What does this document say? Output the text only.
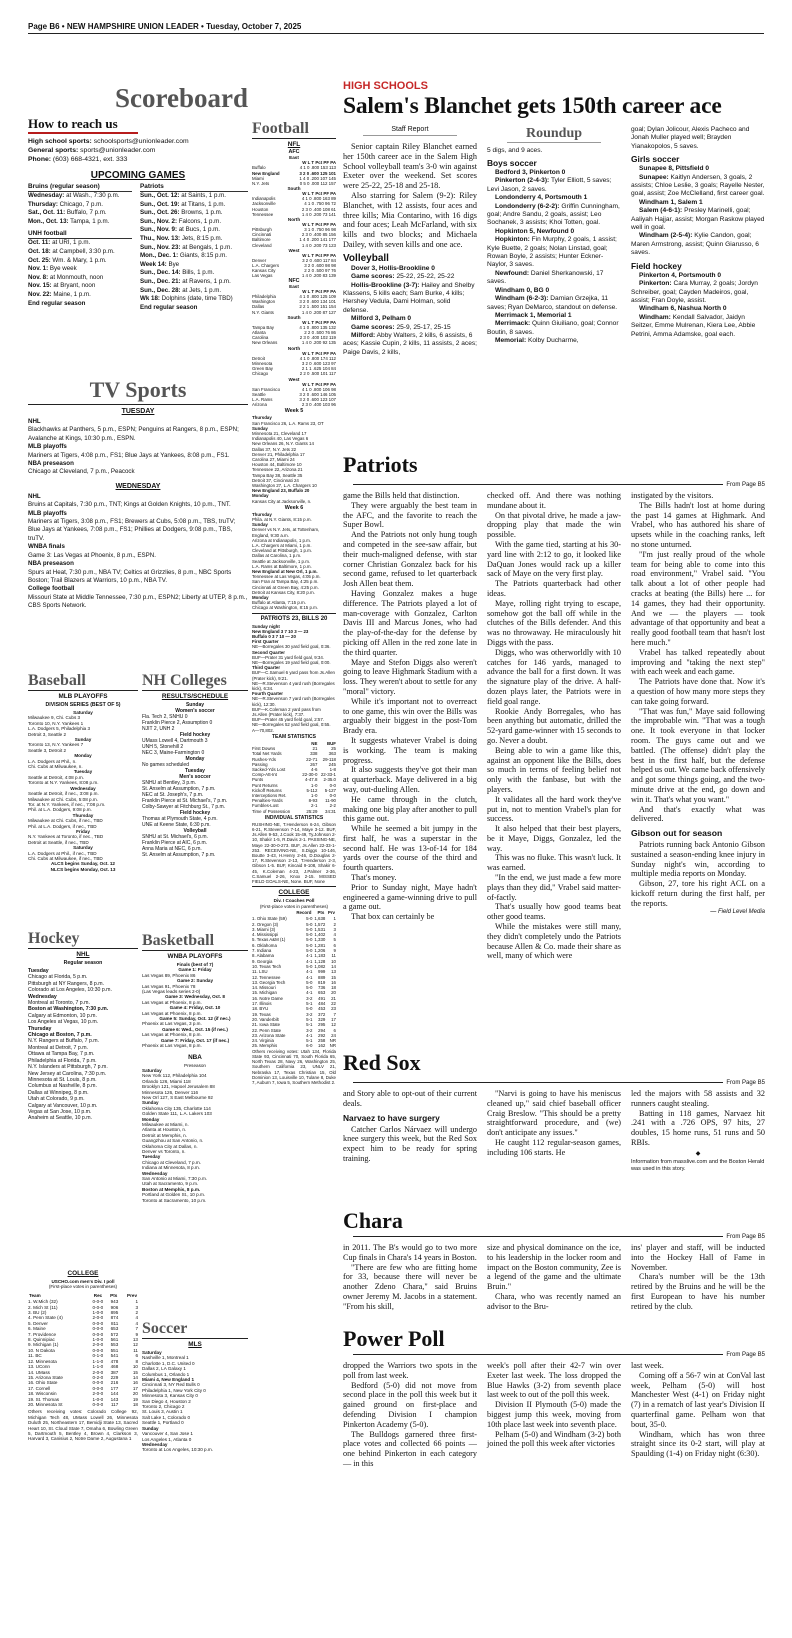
Page B6 • NEW HAMPSHIRE UNION LEADER • Tuesday, October 7, 2025
Scoreboard
How to reach us
High school sports: schoolsports@unionleader.com
General sports: sports@unionleader.com
Phone: (603) 668-4321, ext. 333
UPCOMING GAMES
Bruins (regular season)
Wednesday: at Wash., 7:30 p.m.
Thursday: Chicago, 7 p.m.
Sat., Oct. 11: Buffalo, 7 p.m.
Mon., Oct. 13: Tampa, 1 p.m.
UNH football
Oct. 11: at URI, 1 p.m.
Oct. 18: at Campbell, 3:30 p.m.
Oct. 25: Wm. & Mary, 1 p.m.
Nov. 1: Bye week
Nov. 8: at Monmouth, noon
Nov. 15: at Bryant, noon
Nov. 22: Maine, 1 p.m.
End regular season
Patriots
Sun., Oct. 12: at Saints, 1 p.m.
Sun., Oct. 19: at Titans, 1 p.m.
Sun., Oct. 26: Browns, 1 p.m.
Sun., Nov. 2: Falcons, 1 p.m.
Sun., Nov. 9: at Bucs, 1 p.m.
Thu., Nov. 13: Jets, 8:15 p.m.
Sun., Nov. 23: at Bengals, 1 p.m.
Mon., Dec. 1: Giants, 8:15 p.m.
Week 14: Bye
Sun., Dec. 14: Bills, 1 p.m.
Sun., Dec. 21: at Ravens, 1 p.m.
Sun., Dec. 28: at Jets, 1 p.m.
Wk 18: Dolphins (date, time TBD)
End regular season
TV Sports
TUESDAY
NHL
Blackhawks at Panthers, 5 p.m., ESPN; Penguins at Rangers, 8 p.m., ESPN; Avalanche at Kings, 10:30 p.m., ESPN.
MLB playoffs
Mariners at Tigers, 4:08 p.m., FS1; Blue Jays at Yankees, 8:08 p.m., FS1.
NBA preseason
Chicago at Cleveland, 7 p.m., Peacock
WEDNESDAY
NHL
Bruins at Capitals, 7:30 p.m., TNT; Kings at Golden Knights, 10 p.m., TNT.
MLB playoffs
Mariners at Tigers, 3:08 p.m., FS1; Brewers at Cubs, 5:08 p.m., TBS, truTV; Blue Jays at Yankees, 7:08 p.m., FS1; Phillies at Dodgers, 9:08 p.m., TBS, truTV.
WNBA finals
Game 3: Las Vegas at Phoenix, 8 p.m., ESPN.
NBA preseason
Spurs at Heat, 7:30 p.m., NBA TV; Celtics at Grizzlies, 8 p.m., NBC Sports Boston; Trail Blazers at Warriors, 10 p.m., NBA TV.
College football
Missouri State at Middle Tennessee, 7:30 p.m., ESPN2; Liberty at UTEP, 8 p.m., CBS Sports Network.
Baseball
MLB PLAYOFFS
DIVISION SERIES (BEST OF 5)
Saturday
Milwaukee 9, Chi. Cubs 3
Toronto 10, N.Y. Yankees 1
L.A. Dodgers 5, Philadelphia 3
Detroit 3, Seattle 2
Sunday
Toronto 13, N.Y. Yankees 7
Seattle 3, Detroit 2
Monday
L.A. Dodgers at Phil., n.
Chi. Cubs at Milwaukee, n.
Tuesday
Seattle at Detroit, 4:08 p.m.
Toronto at N.Y. Yankees, 8:08 p.m.
Wednesday
Seattle at Detroit, if nec., 3:08 p.m.
Milwaukee at Chi. Cubs, 5:08 p.m.
Tor. at N.Y. Yankees, if nec., 7:08 p.m.
Phil. at L.A. Dodgers, 9:08 p.m.
Thursday
Milwaukee at Chi. Cubs, if nec., TBD
Phil. at L.A. Dodgers, if nec., TBD
Friday
N.Y. Yankees at Toronto, if nec., TBD
Detroit at Seattle, if nec., TBD
Saturday
L.A. Dodgers at Phil., if nec., TBD
Chi. Cubs at Milwaukee, if nec., TBD
ALCS begins Sunday, Oct. 12
NLCS begins Monday, Oct. 13
Hockey
NHL
Regular season
Tuesday
Chicago at Florida, 5 p.m.
Pittsburgh at NY Rangers, 8 p.m.
Colorado at Los Angeles, 10:30 p.m.
Wednesday
Montreal at Toronto, 7 p.m.
Boston at Washington, 7:30 p.m.
Calgary at Edmonton, 10 p.m.
Los Angeles at Vegas, 10 p.m.
Thursday
Chicago at Boston, 7 p.m.
N.Y. Rangers at Buffalo, 7 p.m.
Montreal at Detroit, 7 p.m.
Ottawa at Tampa Bay, 7 p.m.
Philadelphia at Florida, 7 p.m.
N.Y. Islanders at Pittsburgh, 7 p.m.
New Jersey at Carolina, 7:30 p.m.
Minnesota at St. Louis, 8 p.m.
Columbus at Nashville, 8 p.m.
Dallas at Winnipeg, 8 p.m.
Utah at Colorado, 9 p.m.
Calgary at Vancouver, 10 p.m.
Vegas at San Jose, 10 p.m.
Anaheim at Seattle, 10 p.m.
COLLEGE
USCHO.com men's Div. I poll
(First-place votes in parentheses)
Team	Rec	Pts	Prev
1. W.Mich (32)	0-0-0	943	1
2. Mich St (11)	0-0-0	906	3
3. BU (2)	1-0-0	895	2
4. Penn State (4)	2-0-0	874	4
5. Denver	0-0-0	811	4
6. Maine	0-0-0	653	7
7. Providence	0-0-0	572	9
8. Quinnipiac	1-0-0	561	13
9. Michigan (1)	2-0-0	553	12
10. N Dakota	0-0-0	551	11
11. BC	0-1-0	541	6
12. Minnesota	1-1-0	478	8
13. UConn	1-1-0	468	10
14. UMass	2-0-0	387	15
15. Arizona State	0-2-0	229	14
16. Ohio State	0-0-0	216	16
17. Cornell	0-0-0	177	17
18. Wisconsin	2-0-0	144	20
19. St. Thomas	1-0-0	143	19
20. Minnesota St	0-0-0	117	18
Others receiving votes: Colorado College 92, Michigan Tech 48, UMass Lowell 26, Minnesota Duluth 25, Northeastern 17, Bemidji State 13, Sacred Heart 10, St. Cloud State 7, Omaha 6, Bowling Green 5, Dartmouth 5, Bentley 4, Brown 4, Clarkson 3, Harvard 3, Canisius 2, Notre Dame 2, Augustana 1
NH Colleges
RESULTS/SCHEDULE
Sunday
Women's soccer
Fla. Tech 2, SNHU 0
Franklin Pierce 2, Assumption 0
NJIT 2, UNH 2
Field hockey
UMass Lowell 4, Dartmouth 3
UNH 5, Stonehill 2
NEC 3, Maine-Farmington 0
Monday
No games scheduled
Tuesday
Men's soccer
SNHU at Bentley, 3 p.m.
St. Anselm at Assumption, 7 p.m.
NEC at St. Joseph's, 7 p.m.
Franklin Pierce at St. Michael's, 7 p.m.
Colby-Sawyer at Fitchburg St., 7 p.m.
Field hockey
Thomas at Plymouth State, 4 p.m.
UNE at Keene State, 6:30 p.m.
Volleyball
SNHU at St. Michael's, 6 p.m.
Franklin Pierce at AIC, 6 p.m.
Anna Maria at NEC, 6 p.m.
St. Anselm at Assumption, 7 p.m.
Basketball
WNBA PLAYOFFS
Finals (best of 7)
Game 1: Friday
Las Vegas 89, Phoenix 86
Game 2: Sunday
Las Vegas 91, Phoenix 78
(Las Vegas leads series 2-0)
Game 3: Wednesday, Oct. 8
Las Vegas at Phoenix, 8 p.m.
Game 4: Friday, Oct. 10
Las Vegas at Phoenix, 8 p.m.
Game 5: Sunday, Oct. 12 (if nec.)
Phoenix at Las Vegas, 3 p.m.
Game 6: Wed., Oct. 15 (if nec.)
Las Vegas at Phoenix, 8 p.m.
Game 7: Friday, Oct. 17 (if nec.)
Phoenix at Las Vegas, 8 p.m.
NBA
Preseason
Saturday
New York 112, Philadelphia 104
Orlando 126, Miami 118
Brooklyn 121, Hapoel Jerusalem 88
Minnesota 126, Denver 116
New Orl 127, S East Melbourne 92
Sunday
Oklahoma City 135, Charlotte 114
Golden State 111, L.A. Lakers 103
Monday
Milwaukee at Miami, n.
Atlanta at Houston, n.
Detroit at Memphis, n.
Guangzhou at San Antonio, n.
Oklahoma City at Dallas, n.
Denver vs Toronto, n.
Tuesday
Chicago at Cleveland, 7 p.m.
Indiana at Minnesota, 8 p.m.
Wednesday
San Antonio at Miami, 7:30 p.m.
Utah at Sacramento, 9 p.m.
Boston at Memphis, 8 p.m.
Portland at Golden St., 10 p.m.
Toronto at Sacramento, 10 p.m.
Soccer
MLS
Saturday
Nashville 1, Montreal 1
Charlotte 1, D.C. United 0
Dallas 2, LA Galaxy 1
Columbus 1, Orlando 1
Miami 4, New England 1
Cincinnati 3, NY Red Bulls 0
Philadelphia 1, New York City 0
Minnesota 3, Kansas City 0
San Diego 4, Houston 2
Toronto 2, Chicago 2
St. Louis 3, Austin 1
Salt Lake 1, Colorado 0
Seattle 1, Portland 0
Sunday
Vancouver 4, San Jose 1
Los Angeles 1, Atlanta 0
Wednesday
Toronto at Los Angeles, 10:30 p.m.
Football
NFL
AFC
East
W L T Pct PF PA
Buffalo	4 1 0 .800 153 113
New England	3 2 0 .600 125 101
Miami	1 4 0 .200 107 145
N.Y. Jets	0 5 0 .000 112 157
South
W L T Pct PF PA
Indianapolis	4 1 0 .800 163 89
Jacksonville	4 1 0 .750 96 72
Houston	2 3 0 .400 108 61
Tennessee	1 4 0 .200 73 141
North
W L T Pct PF PA
Pittsburgh	3 1 0 .750 96 98
Cincinnati	2 3 0 .400 85 156
Baltimore	1 4 0 .200 141 177
Cleveland	1 4 0 .200 73 123
West
W L T Pct PF PA
Denver	3 2 0 .600 117 84
L.A. Chargers	3 2 0 .600 98 98
Kansas City	2 2 0 .500 97 76
Las Vegas	1 4 0 .200 83 139
NFC
East
W L T Pct PF PA
Philadelphia	4 1 0 .800 125 109
Washington	3 2 0 .600 134 101
Dallas	2 2 1 .500 151 154
N.Y. Giants	1 4 0 .200 87 127
South
W L T Pct PF PA
Tampa Bay	4 1 0 .800 135 132
Atlanta	2 2 0 .500 76 86
Carolina	2 3 0 .400 102 119
New Orleans	1 4 0 .200 92 135
North
W L T Pct PF PA
Detroit	4 1 0 .800 174 112
Minnesota	3 2 0 .600 123 97
Green Bay	2 1 1 .625 104 84
Chicago	2 2 0 .500 101 117
West
W L T Pct PF PA
San Francisco	4 1 0 .800 106 98
Seattle	3 2 0 .600 146 105
L.A. Rams	3 2 0 .600 123 107
Arizona	2 3 0 .400 103 96
Week 5
Thursday
San Francisco 26, L.A. Rams 23, OT
Sunday
Minnesota 21, Cleveland 17
Indianapolis 40, Las Vegas 6
New Orleans 26, N.Y. Giants 14
Dallas 37, N.Y. Jets 22
Denver 21, Philadelphia 17
Carolina 27, Miami 24
Houston 44, Baltimore 10
Tennessee 22, Arizona 21
Tampa Bay 38, Seattle 35
Detroit 37, Cincinnati 24
Washington 27, L.A. Chargers 10
New England 23, Buffalo 20
Monday
Kansas City at Jacksonville, n.
Week 6
Thursday
Phila. at N.Y. Giants, 8:15 p.m.
Sunday
Denver vs N.Y. Jets, at Tottenham, England, 9:30 a.m.
Arizona at Indianapolis, 1 p.m.
L.A. Chargers at Miami, 1 p.m.
Cleveland at Pittsburgh, 1 p.m.
Dallas at Carolina, 1 p.m.
Seattle at Jacksonville, 1 p.m.
L.A. Rams at Baltimore, 1 p.m.
New England at New Orl, 1 p.m.
Tennessee at Las Vegas, 4:05 p.m.
San Fran at Tampa Bay, 4:25 p.m.
Cincinnati at Green Bay, 4:25 p.m.
Detroit at Kansas City, 8:20 p.m.
Monday
Buffalo at Atlanta, 7:15 p.m.
Chicago at Washington, 8:15 p.m.
PATRIOTS 23, BILLS 20
Sunday night
New England 3 7 10 3 — 23
Buffalo 0 3 7 10 — 20
First Quarter
NE—Borregales 30 yard field goal, 0:36.
Second Quarter
BUF—Prater 31 yard field goal, 9:34.
NE—Borregales 19 yard field goal, 0:00.
Third Quarter
BUF—C.Samuel 6 yard pass from Js.Allen (Prater kick), 9:21.
NE—R.Stevenson 4 yard rush (Borregales kick), 6:34.
Fourth Quarter
NE—R.Stevenson 7 yard rush (Borregales kick), 12:30.
BUF—K.Coleman 2 yard pass from Js.Allen (Prater kick), 7:37.
BUF—Prater 45 yard field goal, 2:57.
NE—Borregales 52 yard field goal, 0:55.
A—70,802.
TEAM STATISTICS
	NE	BUF
First Downs	21	25
Total Net Yards	338	363
Rushes-Yds	22-71	29-118
Passing	267	245
Sacked-Yds Lost	4-6	1-8
Comp-Att-Int	22-30-0	22-33-1
Punts	4-47.8	2-35.0
Punt Returns	1-0	0-0
Kickoff Returns	5-112	5-127
Interceptions Ret.	1-0	0-0
Penalties-Yards	8-93	11-90
Fumbles-Lost	2-1	2-2
Time of Possession	25:29	34:31
INDIVIDUAL STATISTICS
RUSHING-NE, T.Henderson 6-24, Gibson 6-21, R.Stevenson 7-14, Maye 3-12. BUF, Js.Allen 9-53, J.Cook 15-49, Ty.Johnson 2-10, Shakir 1-5, R.Davis 2-1. PASSING-NE, Maye 22-30-0-273. BUF, Js.Allen 22-33-1-253. RECEIVING-NE, S.Diggs 10-146, Boutte 3-43, H.Henry 2-46, D.Douglas 2-17, R.Stevenson 2-13, T.Henderson 2-3, Gibson 1-5. BUF, Kincaid 9-108, Shakir 6-45, K.Coleman 4-23, J.Palmer 2-36, C.Samuel 2-26, Knox 2-15. MISSED FIELD GOALS-NE, None. BUF, None
COLLEGE
Div. I Coaches Poll
(First-place votes in parentheses)
	Record	Pts	Prv
1. Ohio State (59)	5-0	1,638	1
2. Oregon (3)	5-0	1,572	2
3. Miami (3)	5-0	1,531	3
4. Mississippi	5-0	1,402	4
5. Texas A&M (1)	5-0	1,330	5
6. Oklahoma	5-0	1,281	6
7. Indiana	5-0	1,206	9
8. Alabama	4-1	1,183	11
9. Georgia	4-1	1,128	10
10. Texas Tech	5-0	1,082	14
11. LSU	4-1	999	13
12. Tennessee	4-1	889	15
13. Georgia Tech	5-0	819	16
14. Missouri	5-0	736	18
15. Michigan	4-1	653	20
16. Notre Dame	3-2	491	21
17. Illinois	5-1	484	22
18. BYU	5-0	453	23
19. Texas	3-2	372	7
20. Vanderbilt	5-1	329	17
21. Iowa State	5-1	295	12
22. Penn State	3-2	294	6
23. Arizona State	4-1	292	24
24. Virginia	5-1	258	NR
25. Memphis	6-0	162	NR
Others receiving votes: Utah 134, Florida State 93, Cincinnati 70, South Florida 65, North Texas 28, Navy 26, Washington 25, Southern California 23, UNLV 21, Nebraska 17, Texas Christian 15, Old Dominion 13, Louisville 10, Tulane 8, Duke 7, Auburn 7, Iowa 5, Southern Methodist 2.
HIGH SCHOOLS
Salem's Blanchet gets 150th career ace
Staff Report

Senior captain Riley Blanchet earned her 150th career ace in the Salem High School volleyball team's 3-0 win against Exeter over the weekend. Set scores were 25-22, 25-18 and 25-18.

Also starring for Salem (9-2): Riley Blanchet, with 12 assists, four aces and three kills; Mia Contarino, with 16 digs and four aces; Leah McFarland, with six kills and two blocks; and Michaela Dailey, with seven kills and one ace.

Volleyball
Dover 3, Hollis-Brookline 0
Game scores: 25-22, 25-22, 25-22
Hollis-Brookline (3-7): Hailey and Shelby Klassens, 5 kills each; Sam Burke, 4 kills; Hershey Vedula, Dami Holman, solid defense.
Milford 3, Pelham 0
Game scores: 25-9, 25-17, 25-15
Milford: Abby Walters, 2 kills, 6 assists, 6 aces; Kassie Cupin, 2 kills, 11 assists, 2 aces; Paige Davis, 2 kills,
Roundup
5 digs, and 9 aces.
Boys soccer
Bedford 3, Pinkerton 0
Pinkerton (2-4-3): Tyler Elliott, 5 saves; Levi Jason, 2 saves.
Londonderry 4, Portsmouth 1
Londonderry (6-2-2): Griffin Cunningham, goal; Andre Sandu, 2 goals, assist; Leo Sochanek, 3 assists; Khoi Totten, goal.
Hopkinton 5, Newfound 0
Hopkinton: Fin Murphy, 2 goals, 1 assist; Kyle Buette, 2 goals; Nolan Linstad, goal; Rowan Boyle, 2 assists; Hunter Eckner-Naylor, 3 saves.
Newfound: Daniel Sherkanowski, 17 saves.
Windham 0, BG 0
Windham (6-2-3): Damian Grzejka, 11 saves; Ryan DeMarco, standout on defense.
Merrimack 1, Memorial 1
Merrimack: Quinn Giuiliano, goal; Connor Boutin, 8 saves.
Memorial: Kolby Ducharme,
goal; Dylan Jolicour, Alexis Pacheco and Jonah Muller played well; Brayden Yianakopolos, 5 saves.
Girls soccer
Sunapee 8, Pittsfield 0
Sunapee: Kaitlyn Andersen, 3 goals, 2 assists; Chloe Leslie, 3 goals; Rayelle Nester, goal, assist; Zoe McClelland, first career goal.
Windham 1, Salem 1
Salem (4-6-1): Presley Marinelli, goal; Aaliyah Hajjar, assist; Morgan Raskow played well in goal.
Windham (2-5-4): Kylie Candon, goal; Maren Armstrong, assist; Quinn Giarusso, 6 saves.
Field hockey
Pinkerton 4, Portsmouth 0
Pinkerton: Cara Murray, 2 goals; Jordyn Schreiber, goal; Cayden Madeiros, goal, assist; Fran Doyle, assist.
Windham 6, Nashua North 0
Windham: Kendall Salvador, Jaidyn Seitzer, Emme Mulrenan, Kiera Lee, Abbie Petrini, Amma Adamske, goal each.
Patriots
From Page B5

game the Bills held that distinction.

They were arguably the best team in the AFC, and the favorite to reach the Super Bowl.

And the Patriots not only hung tough and competed in the see-saw affair, but their much-maligned defense, with star corner Christian Gonzalez back for his second game, refused to let quarterback Josh Allen beat them.

Having Gonzalez makes a huge difference. The Patriots played a lot of man-coverage with Gonzalez, Carlton Davis III and Marcus Jones, who had the play-of-the-day for the defense by picking off Allen in the red zone late in the third quarter.

Maye and Stefon Diggs also weren't going to leave Highmark Stadium with a loss. They weren't about to settle for any "moral" victory.

While it's important not to overreact to one game, this win over the Bills was arguably their biggest in the post-Tom Brady era.

It suggests whatever Vrabel is doing is working. The team is making progress.

It also suggests they've got their man at quarterback. Maye delivered in a big way, out-dueling Allen.

He came through in the clutch, making one big play after another to pull this game out.

While he seemed a bit jumpy in the first half, he was a superstar in the second half. He was 13-of-14 for 184 yards over the course of the third and fourth quarters.

That's money.

Prior to Sunday night, Maye hadn't engineered a game-winning drive to pull a game out.

That box can certainly be

checked off. And there was nothing mundane about it.

On that pivotal drive, he made a jaw-dropping play that made the win possible.

With the game tied, starting at his 30-yard line with 2:12 to go, it looked like DaQuan Jones would rack up a killer sack of Maye on the very first play.

The Patriots quarterback had other ideas.

Maye, rolling right trying to escape, somehow got the ball off while in the clutches of the Bills defender. And this was no throwaway. He miraculously hit Diggs with the pass.

Diggs, who was otherworldly with 10 catches for 146 yards, managed to advance the ball for a first down. It was the signature play of the drive. A half-dozen plays later, the Patriots were in field goal range.

Rookie Andy Borregales, who has been anything but automatic, drilled the 52-yard game-winner with 15 seconds to go. Never a doubt.

Being able to win a game like this, against an opponent like the Bills, does so much in terms of feeling belief not only with the fanbase, but with the players.

It validates all the hard work they've put in, not to mention Vrabel's plan for success.

It also helped that their best players, be it Maye, Diggs, Gonzalez, led the way.

This was no fluke. This wasn't luck. It was earned.

"In the end, we just made a few more plays than they did," Vrabel said matter-of-factly.

That's usually how good teams beat other good teams.

While the mistakes were still many, they didn't completely undo the Patriots because Allen & Co. made their share as well, many of which were

instigated by the visitors.

The Bills hadn't lost at home during the past 14 games at Highmark. And Vrabel, who has authored his share of upsets while in the coaching ranks, left no stone unturned.

"I'm just really proud of the whole team for being able to come into this road environment," Vrabel said. "You talk about a lot of other people had cracks at beating (the Bills) here ... for 14 games, they had their opportunity. And we — the players — took advantage of that opportunity and beat a really good football team that hasn't lost here much."

Vrabel has talked repeatedly about improving and "taking the next step" with each week and each game.

The Patriots have done that. Now it's a question of how many more steps they can take going forward.

"That was fun," Maye said following the improbable win. "That was a tough one. It took everyone in that locker room. The guys came out and we battled. (The offense) didn't play the best in the first half, but the defense helped us out. We came back offensively and got some things going, and the two-minute drive at the end, go down and win it. That's what you want."

And that's exactly what was delivered.

Gibson out for season

Patriots running back Antonio Gibson sustained a season-ending knee injury in Sunday night's win, according to multiple media reports on Monday.

Gibson, 27, tore his right ACL on a kickoff return during the first half, per the reports.

— Field Level Media
Red Sox
From Page B5

and Story able to opt-out of their current deals.

Narvaez to have surgery

Catcher Carlos Nárvaez will undergo knee surgery this week, but the Red Sox expect him to be ready for spring training.

"Narvi is going to have his meniscus cleaned up," said chief baseball officer Craig Breslow. "This should be a pretty straightforward procedure, and (we) don't anticipate any issues."

He caught 112 regular-season games, including 106 starts. He

led the majors with 58 assists and 32 runners caught stealing.

Batting in 118 games, Narvaez hit .241 with a .726 OPS, 97 hits, 27 doubles, 15 home runs, 51 runs and 50 RBIs.

◆
Information from masslive.com and the Boston Herald was used in this story.
Chara
From Page B5

in 2011. The B's would go to two more Cup finals in Chara's 14 years in Boston.

"There are few who are fitting home for 33, because there will never be another Zdeno Chara," said Bruins owner Jeremy M. Jacobs in a statement. "From his skill,

size and physical dominance on the ice, to his leadership in the locker room and impact on the Boston community, Zee is a legend of the game and the ultimate Bruin."

Chara, who was recently named an advisor to the Bru-

ins' player and staff, will be inducted into the Hockey Hall of Fame in November.

Chara's number will be the 13th retired by the Bruins and he will be the first European to have his number retired by the club.

Power Poll
From Page B5

dropped the Warriors two spots in the poll from last week.

Bedford (5-0) did not move from second place in the poll this week but it gained ground on first-place and defending Division I champion Pinkerton Academy (5-0).

The Bulldogs garnered three first-place votes and collected 66 points — one behind Pinkerton in each category — in this

week's poll after their 42-7 win over Exeter last week. The loss dropped the Blue Hawks (3-2) from seventh place last week to out of the poll this week.

Division II Plymouth (5-0) made the biggest jump this week, moving from 10th place last week into seventh place.

Pelham (5-0) and Windham (3-2) both joined the poll this week after victories

last week.

Coming off a 56-7 win at ConVal last week, Pelham (5-0) will host Manchester West (4-1) on Friday night (7) in a rematch of last year's Division II quarterfinal game. Pelham won that bout, 35-0.

Windham, which has won three straight since its 0-2 start, will play at Spaulding (1-4) on Friday night (6:30).
